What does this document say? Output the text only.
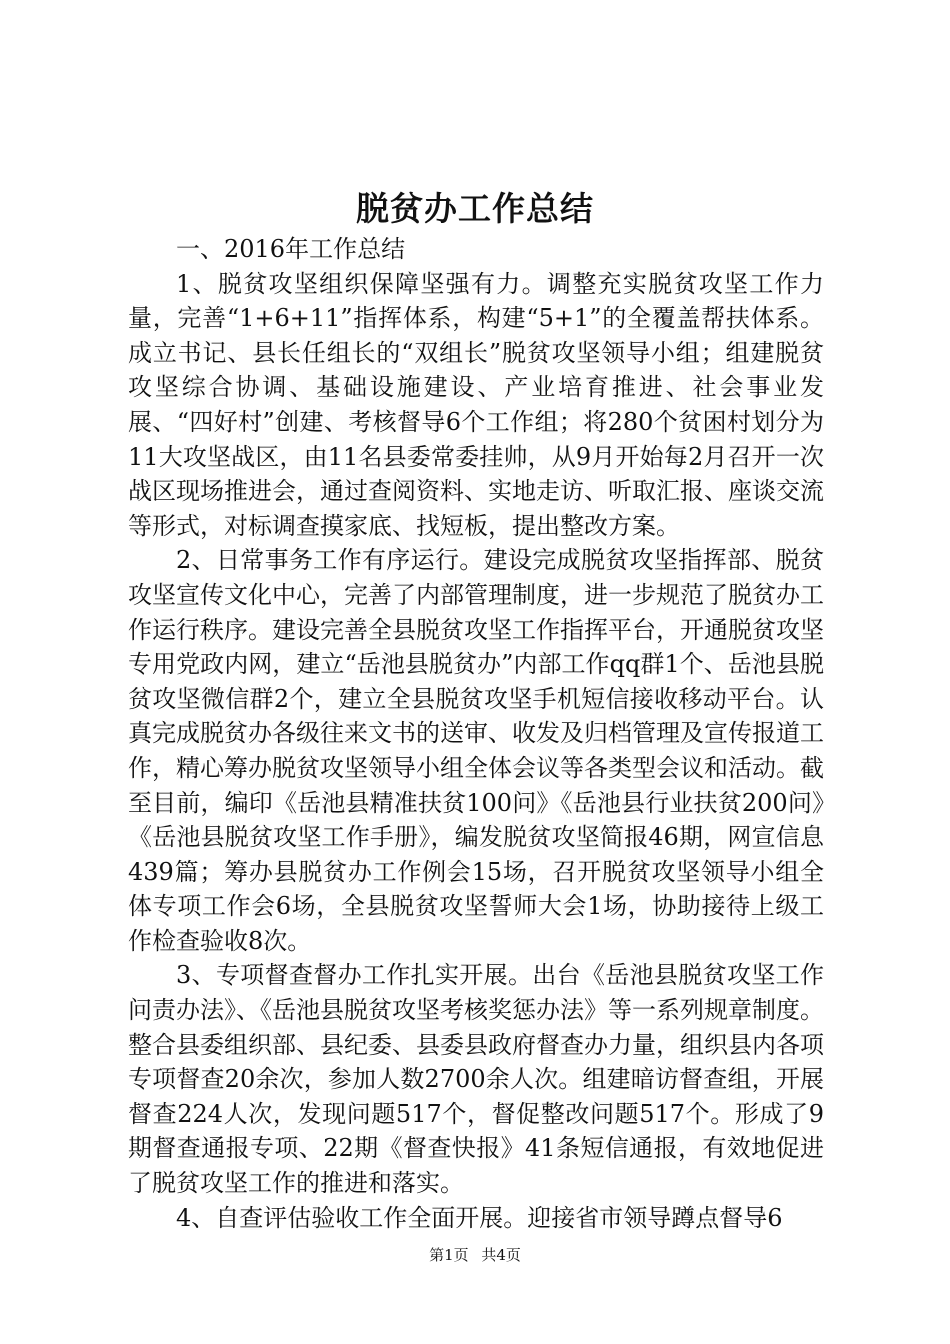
脱贫办工作总结

一、2016年工作总结

1、脱贫攻坚组织保障坚强有力。调整充实脱贫攻坚工作力量，完善“1+6+11”指挥体系，构建“5+1”的全覆盖帮扶体系。成立书记、县长任组长的“双组长”脱贫攻坚领导小组；组建脱贫攻坚综合协调、基础设施建设、产业培育推进、社会事业发展、“四好村”创建、考核督导6个工作组；将280个贫困村划分为11大攻坚战区，由11名县委常委挂帅，从9月开始每2月召开一次战区现场推进会，通过查阅资料、实地走访、听取汇报、座谈交流等形式，对标调查摸家底、找短板，提出整改方案。

2、日常事务工作有序运行。建设完成脱贫攻坚指挥部、脱贫攻坚宣传文化中心，完善了内部管理制度，进一步规范了脱贫办工作运行秩序。建设完善全县脱贫攻坚工作指挥平台，开通脱贫攻坚专用党政内网，建立“岳池县脱贫办”内部工作qq群1个、岳池县脱贫攻坚微信群2个，建立全县脱贫攻坚手机短信接收移动平台。认真完成脱贫办各级往来文书的送审、收发及归档管理及宣传报道工作，精心筹办脱贫攻坚领导小组全体会议等各类型会议和活动。截至目前，编印《岳池县精准扶贫100问》《岳池县行业扶贫200问》《岳池县脱贫攻坚工作手册》，编发脱贫攻坚简报46期，网宣信息439篇；筹办县脱贫办工作例会15场，召开脱贫攻坚领导小组全体专项工作会6场，全县脱贫攻坚誓师大会1场，协助接待上级工作检查验收8次。

3、专项督查督办工作扎实开展。出台《岳池县脱贫攻坚工作问责办法》、《岳池县脱贫攻坚考核奖惩办法》等一系列规章制度。整合县委组织部、县纪委、县委县政府督查办力量，组织县内各项专项督查20余次，参加人数2700余人次。组建暗访督查组，开展督查224人次，发现问题517个，督促整改问题517个。形成了9期督查通报专项、22期《督查快报》41条短信通报，有效地促进了脱贫攻坚工作的推进和落实。

4、自查评估验收工作全面开展。迎接省市领导蹲点督导6

第1页 共4页
